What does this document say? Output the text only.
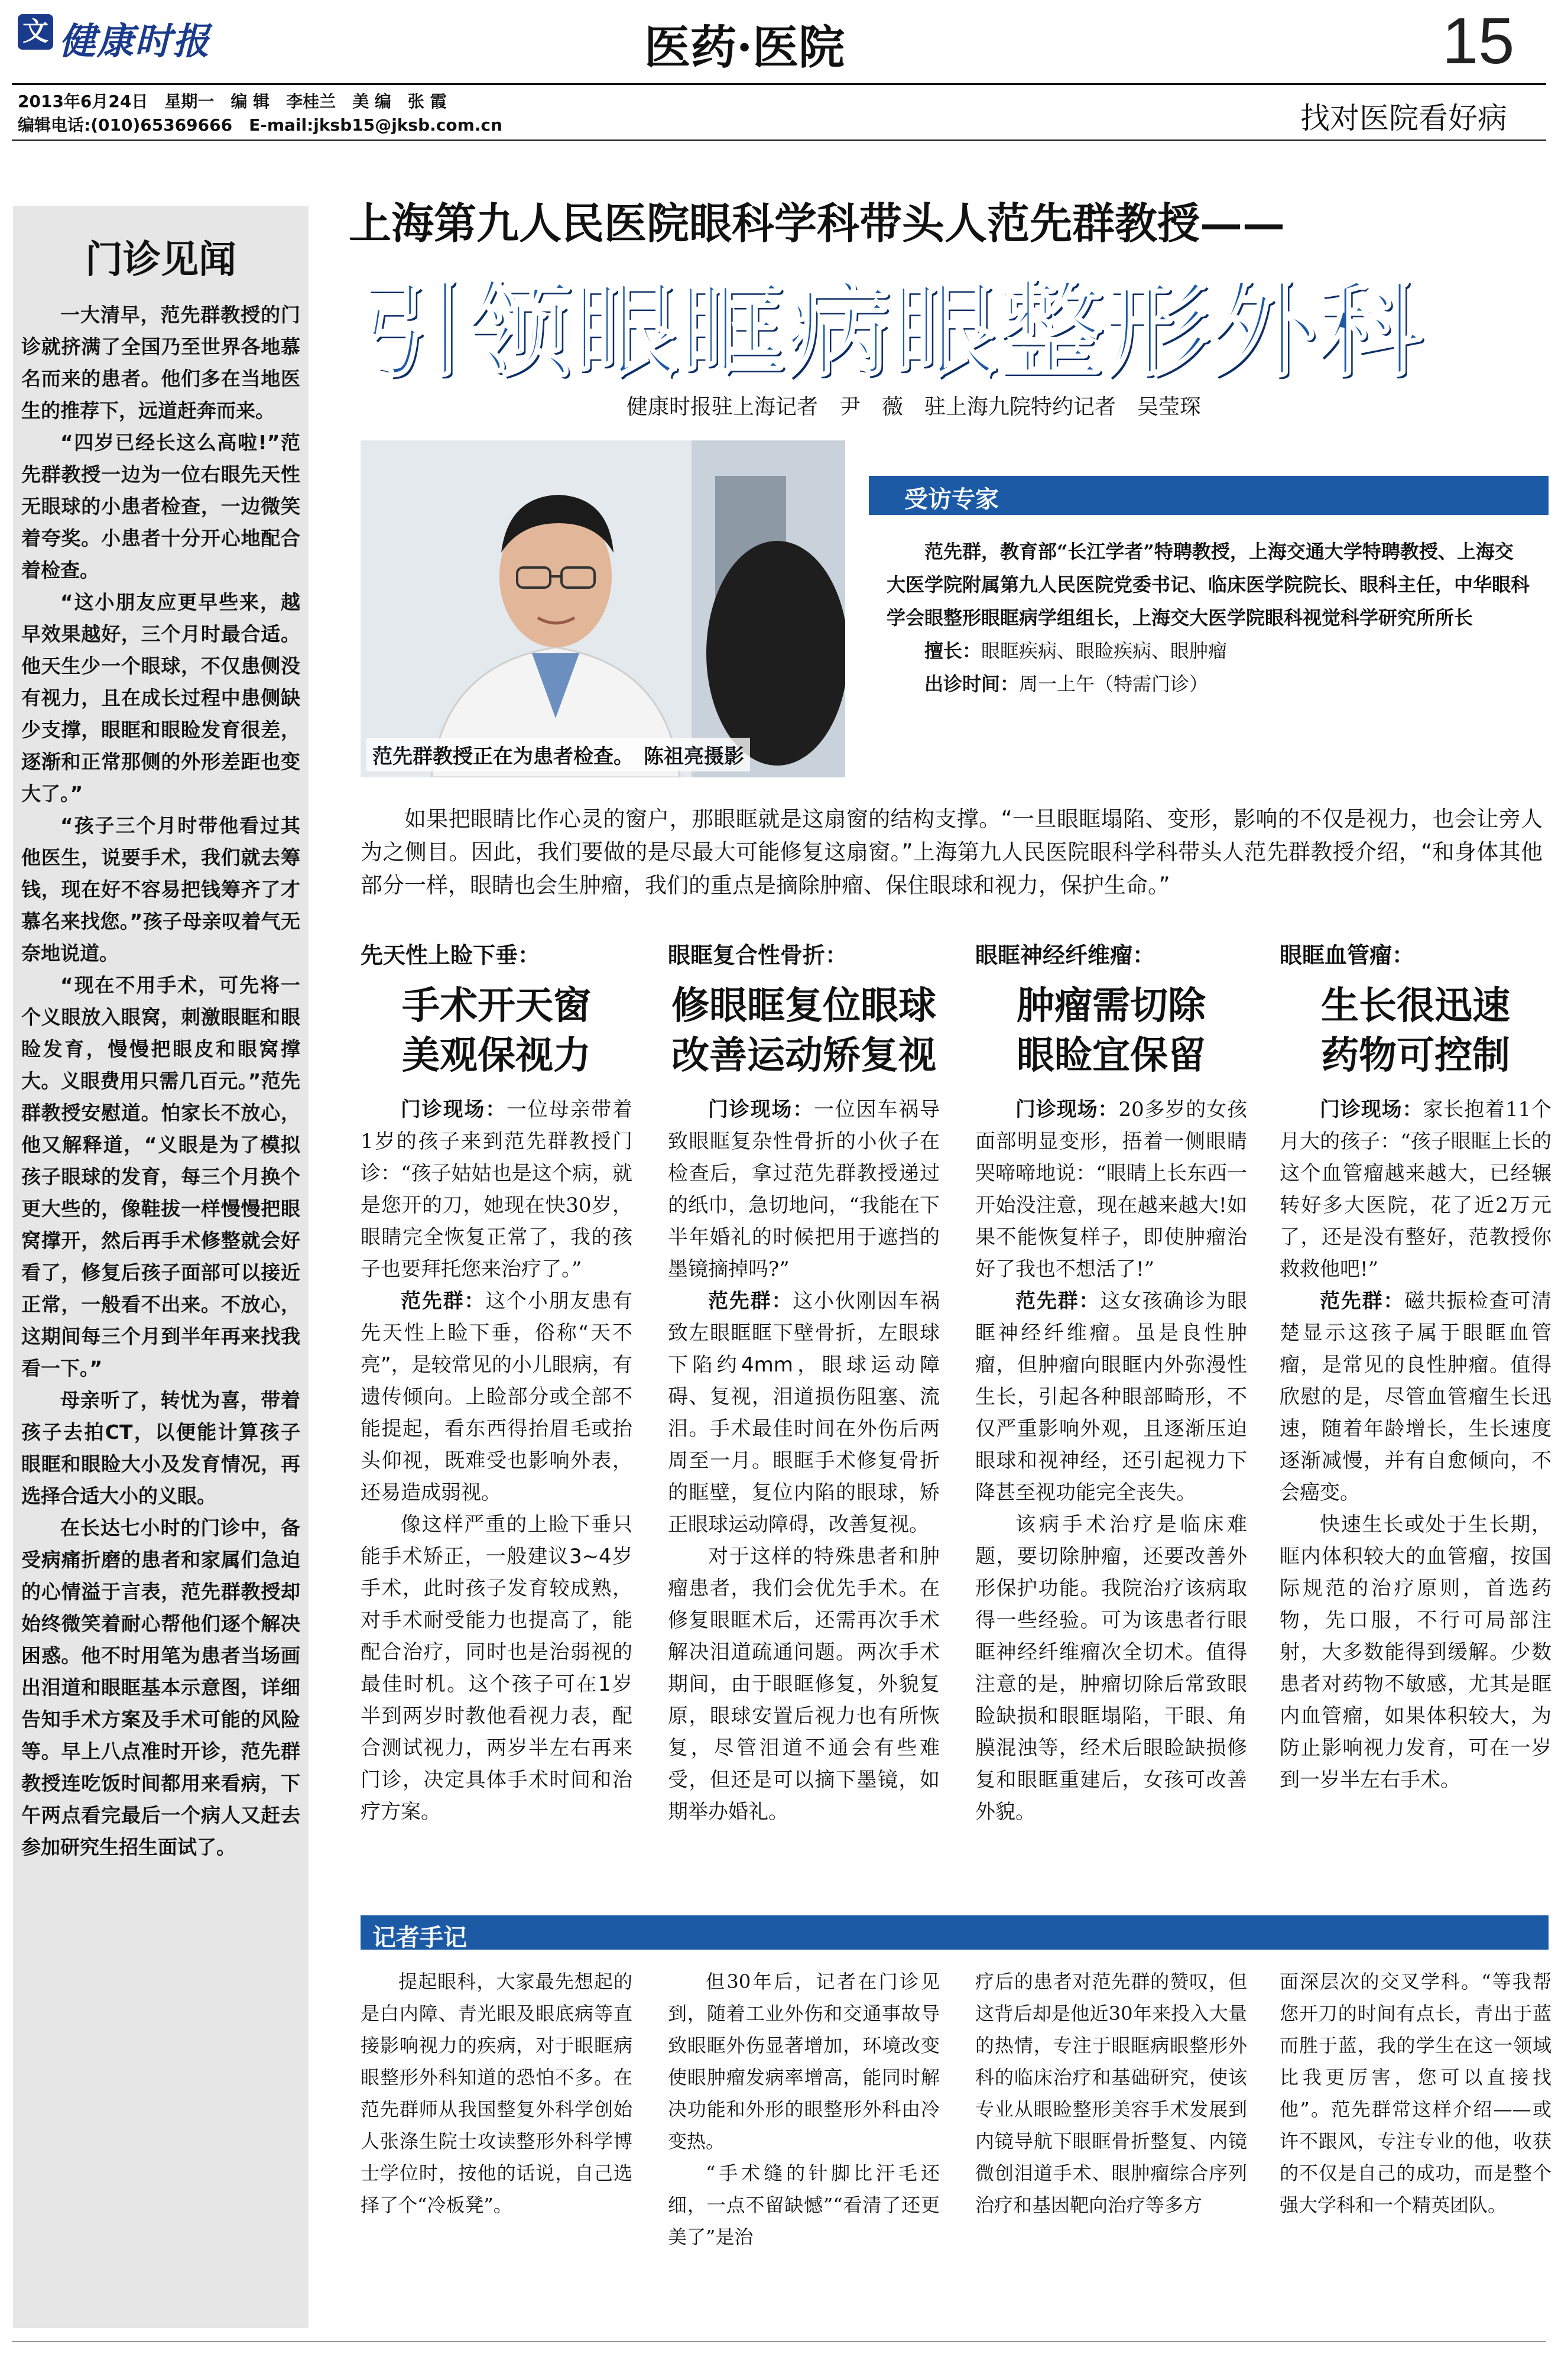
文 健康时报	医药·医院	15
2013年6月24日　星期一　编 辑　李桂兰　美 编　张 霞
编辑电话:(010)65369666　E-mail:jksb15@jksb.com.cn	找对医院看好病
门诊见闻

一大清早，范先群教授的门诊就挤满了全国乃至世界各地慕名而来的患者。他们多在当地医生的推荐下，远道赶奔而来。

“四岁已经长这么高啦!”范先群教授一边为一位右眼先天性无眼球的小患者检查，一边微笑着夸奖。小患者十分开心地配合着检查。

“这小朋友应更早些来，越早效果越好，三个月时最合适。他天生少一个眼球，不仅患侧没有视力，且在成长过程中患侧缺少支撑，眼眶和眼睑发育很差，逐渐和正常那侧的外形差距也变大了。”

“孩子三个月时带他看过其他医生，说要手术，我们就去筹钱，现在好不容易把钱筹齐了才慕名来找您。”孩子母亲叹着气无奈地说道。

“现在不用手术，可先将一个义眼放入眼窝，刺激眼眶和眼睑发育，慢慢把眼皮和眼窝撑大。义眼费用只需几百元。”范先群教授安慰道。怕家长不放心，他又解释道，“义眼是为了模拟孩子眼球的发育，每三个月换个更大些的，像鞋拔一样慢慢把眼窝撑开，然后再手术修整就会好看了，修复后孩子面部可以接近正常，一般看不出来。不放心，这期间每三个月到半年再来找我看一下。”

母亲听了，转忧为喜，带着孩子去拍CT，以便能计算孩子眼眶和眼睑大小及发育情况，再选择合适大小的义眼。

在长达七小时的门诊中，备受病痛折磨的患者和家属们急迫的心情溢于言表，范先群教授却始终微笑着耐心帮他们逐个解决困惑。他不时用笔为患者当场画出泪道和眼眶基本示意图，详细告知手术方案及手术可能的风险等。早上八点准时开诊，范先群教授连吃饭时间都用来看病，下午两点看完最后一个病人又赶去参加研究生招生面试了。

上海第九人民医院眼科学科带头人范先群教授——
引领眼眶病眼整形外科
健康时报驻上海记者　尹　薇　驻上海九院特约记者　吴莹琛
范先群教授正在为患者检查。　陈祖亮摄影
受访专家

范先群，教育部“长江学者”特聘教授，上海交通大学特聘教授、上海交大医学院附属第九人民医院党委书记、临床医学院院长、眼科主任，中华眼科学会眼整形眼眶病学组组长，上海交大医学院眼科视觉科学研究所所长

擅长：眼眶疾病、眼睑疾病、眼肿瘤

出诊时间：周一上午（特需门诊）

如果把眼睛比作心灵的窗户，那眼眶就是这扇窗的结构支撑。“一旦眼眶塌陷、变形，影响的不仅是视力，也会让旁人为之侧目。因此，我们要做的是尽最大可能修复这扇窗。”上海第九人民医院眼科学科带头人范先群教授介绍，“和身体其他部分一样，眼睛也会生肿瘤，我们的重点是摘除肿瘤、保住眼球和视力，保护生命。”
先天性上睑下垂：
手术开天窗
美观保视力

门诊现场：一位母亲带着1岁的孩子来到范先群教授门诊：“孩子姑姑也是这个病，就是您开的刀，她现在快30岁，眼睛完全恢复正常了，我的孩子也要拜托您来治疗了。”

范先群：这个小朋友患有先天性上睑下垂，俗称“天不亮”，是较常见的小儿眼病，有遗传倾向。上睑部分或全部不能提起，看东西得抬眉毛或抬头仰视，既难受也影响外表，还易造成弱视。

像这样严重的上睑下垂只能手术矫正，一般建议3~4岁手术，此时孩子发育较成熟，对手术耐受能力也提高了，能配合治疗，同时也是治弱视的最佳时机。这个孩子可在1岁半到两岁时教他看视力表，配合测试视力，两岁半左右再来门诊，决定具体手术时间和治疗方案。

眼眶复合性骨折：
修眼眶复位眼球
改善运动矫复视

门诊现场：一位因车祸导致眼眶复杂性骨折的小伙子在检查后，拿过范先群教授递过的纸巾，急切地问，“我能在下半年婚礼的时候把用于遮挡的墨镜摘掉吗?”

范先群：这小伙刚因车祸致左眼眶眶下壁骨折，左眼球下陷约4mm，眼球运动障碍、复视，泪道损伤阻塞、流泪。手术最佳时间在外伤后两周至一月。眼眶手术修复骨折的眶壁，复位内陷的眼球，矫正眼球运动障碍，改善复视。

对于这样的特殊患者和肿瘤患者，我们会优先手术。在修复眼眶术后，还需再次手术解决泪道疏通问题。两次手术期间，由于眼眶修复，外貌复原，眼球安置后视力也有所恢复，尽管泪道不通会有些难受，但还是可以摘下墨镜，如期举办婚礼。

眼眶神经纤维瘤：
肿瘤需切除
眼睑宜保留

门诊现场：20多岁的女孩面部明显变形，捂着一侧眼睛哭啼啼地说：“眼睛上长东西一开始没注意，现在越来越大!如果不能恢复样子，即使肿瘤治好了我也不想活了!”

范先群：这女孩确诊为眼眶神经纤维瘤。虽是良性肿瘤，但肿瘤向眼眶内外弥漫性生长，引起各种眼部畸形，不仅严重影响外观，且逐渐压迫眼球和视神经，还引起视力下降甚至视功能完全丧失。

该病手术治疗是临床难题，要切除肿瘤，还要改善外形保护功能。我院治疗该病取得一些经验。可为该患者行眼眶神经纤维瘤次全切术。值得注意的是，肿瘤切除后常致眼睑缺损和眼眶塌陷，干眼、角膜混浊等，经术后眼睑缺损修复和眼眶重建后，女孩可改善外貌。

眼眶血管瘤：
生长很迅速
药物可控制

门诊现场：家长抱着11个月大的孩子：“孩子眼眶上长的这个血管瘤越来越大，已经辗转好多大医院，花了近2万元了，还是没有整好，范教授你救救他吧!”

范先群：磁共振检查可清楚显示这孩子属于眼眶血管瘤，是常见的良性肿瘤。值得欣慰的是，尽管血管瘤生长迅速，随着年龄增长，生长速度逐渐减慢，并有自愈倾向，不会癌变。

快速生长或处于生长期，眶内体积较大的血管瘤，按国际规范的治疗原则，首选药物，先口服，不行可局部注射，大多数能得到缓解。少数患者对药物不敏感，尤其是眶内血管瘤，如果体积较大，为防止影响视力发育，可在一岁到一岁半左右手术。

记者手记

提起眼科，大家最先想起的是白内障、青光眼及眼底病等直接影响视力的疾病，对于眼眶病眼整形外科知道的恐怕不多。在范先群师从我国整复外科学创始人张涤生院士攻读整形外科学博士学位时，按他的话说，自己选择了个“冷板凳”。

但30年后，记者在门诊见到，随着工业外伤和交通事故导致眼眶外伤显著增加，环境改变使眼肿瘤发病率增高，能同时解决功能和外形的眼整形外科由冷变热。

“手术缝的针脚比汗毛还细，一点不留缺憾”“看清了还更美了”是治

疗后的患者对范先群的赞叹，但这背后却是他近30年来投入大量的热情，专注于眼眶病眼整形外科的临床治疗和基础研究，使该专业从眼睑整形美容手术发展到内镜导航下眼眶骨折整复、内镜微创泪道手术、眼肿瘤综合序列治疗和基因靶向治疗等多方

面深层次的交叉学科。“等我帮您开刀的时间有点长，青出于蓝而胜于蓝，我的学生在这一领域比我更厉害，您可以直接找他”。范先群常这样介绍——或许不跟风，专注专业的他，收获的不仅是自己的成功，而是整个强大学科和一个精英团队。
